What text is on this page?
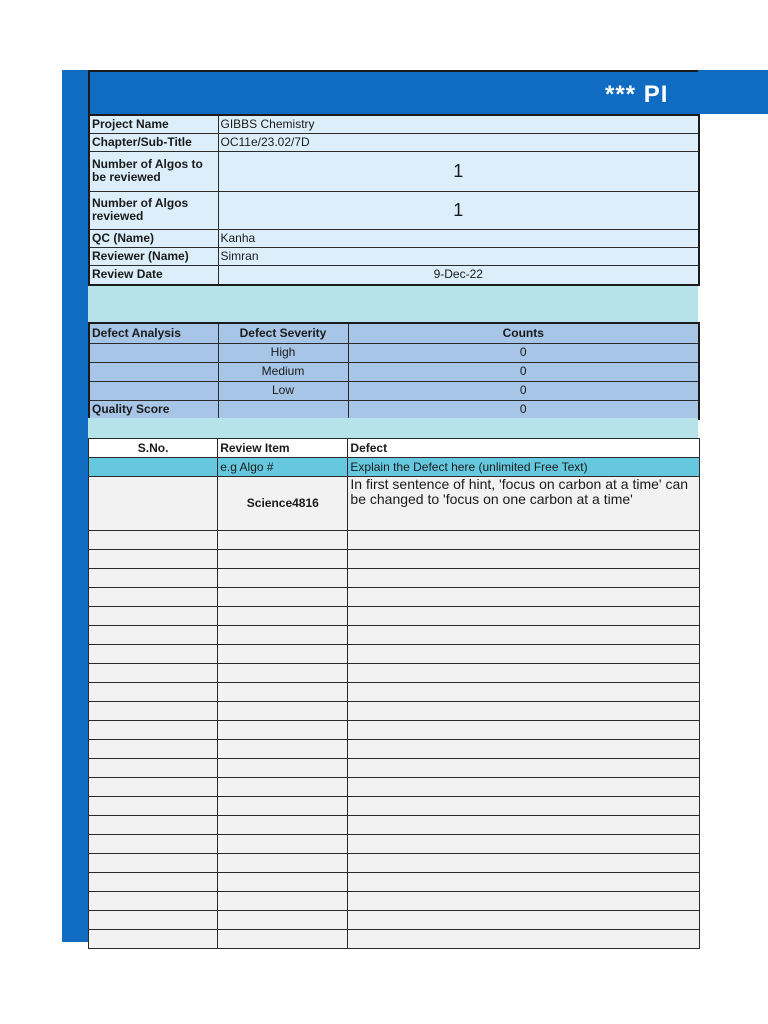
*** PI
Project Name	GIBBS Chemistry
Chapter/Sub-Title	OC11e/23.02/7D
Number of Algos to be reviewed	1
Number of Algos reviewed	1
QC (Name)	Kanha
Reviewer (Name)	Simran
Review Date	9-Dec-22
Defect Analysis	Defect Severity	Counts
	High	0
	Medium	0
	Low	0
Quality Score		0
S.No.	Review Item	Defect
	e.g Algo #	Explain the Defect here (unlimited Free Text)
	Science4816	In first sentence of hint, 'focus on carbon at a time' can be changed to 'focus on one carbon at a time'
